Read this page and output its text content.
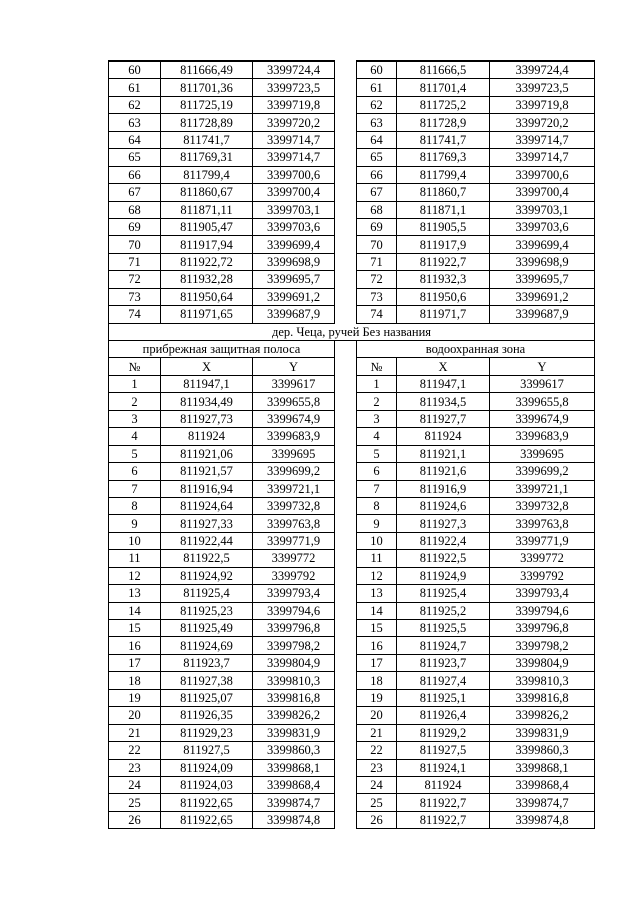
60	811666,49	3399724,4		60	811666,5	3399724,4
61	811701,36	3399723,5		61	811701,4	3399723,5
62	811725,19	3399719,8		62	811725,2	3399719,8
63	811728,89	3399720,2		63	811728,9	3399720,2
64	811741,7	3399714,7		64	811741,7	3399714,7
65	811769,31	3399714,7		65	811769,3	3399714,7
66	811799,4	3399700,6		66	811799,4	3399700,6
67	811860,67	3399700,4		67	811860,7	3399700,4
68	811871,11	3399703,1		68	811871,1	3399703,1
69	811905,47	3399703,6		69	811905,5	3399703,6
70	811917,94	3399699,4		70	811917,9	3399699,4
71	811922,72	3399698,9		71	811922,7	3399698,9
72	811932,28	3399695,7		72	811932,3	3399695,7
73	811950,64	3399691,2		73	811950,6	3399691,2
74	811971,65	3399687,9		74	811971,7	3399687,9
дер. Чеца, ручей Без названия						
прибрежная защитная полоса				водоохранная зона		
№	X	Y		№	X	Y
1	811947,1	3399617		1	811947,1	3399617
2	811934,49	3399655,8		2	811934,5	3399655,8
3	811927,73	3399674,9		3	811927,7	3399674,9
4	811924	3399683,9		4	811924	3399683,9
5	811921,06	3399695		5	811921,1	3399695
6	811921,57	3399699,2		6	811921,6	3399699,2
7	811916,94	3399721,1		7	811916,9	3399721,1
8	811924,64	3399732,8		8	811924,6	3399732,8
9	811927,33	3399763,8		9	811927,3	3399763,8
10	811922,44	3399771,9		10	811922,4	3399771,9
11	811922,5	3399772		11	811922,5	3399772
12	811924,92	3399792		12	811924,9	3399792
13	811925,4	3399793,4		13	811925,4	3399793,4
14	811925,23	3399794,6		14	811925,2	3399794,6
15	811925,49	3399796,8		15	811925,5	3399796,8
16	811924,69	3399798,2		16	811924,7	3399798,2
17	811923,7	3399804,9		17	811923,7	3399804,9
18	811927,38	3399810,3		18	811927,4	3399810,3
19	811925,07	3399816,8		19	811925,1	3399816,8
20	811926,35	3399826,2		20	811926,4	3399826,2
21	811929,23	3399831,9		21	811929,2	3399831,9
22	811927,5	3399860,3		22	811927,5	3399860,3
23	811924,09	3399868,1		23	811924,1	3399868,1
24	811924,03	3399868,4		24	811924	3399868,4
25	811922,65	3399874,7		25	811922,7	3399874,7
26	811922,65	3399874,8		26	811922,7	3399874,8
